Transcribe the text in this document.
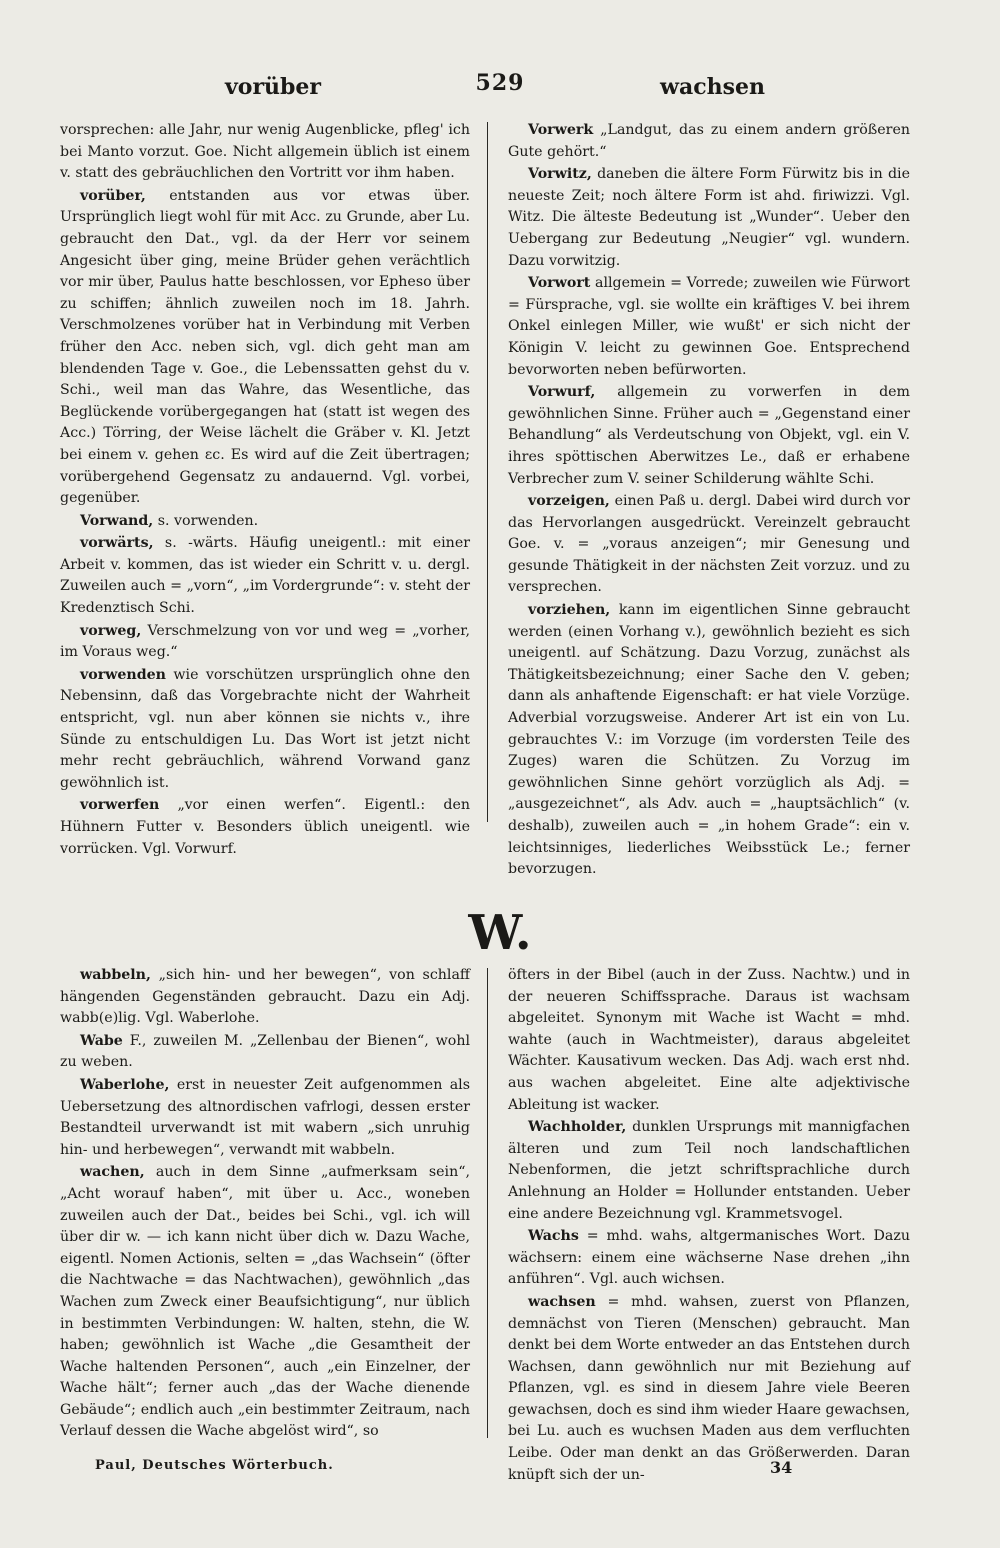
vorüber	529	wachsen

vorsprechen: alle Jahr, nur wenig Augenblicke, pfleg' ich bei Manto vorzut. Goe. Nicht allgemein üblich ist einem v. statt des gebräuchlichen den Vortritt vor ihm haben.

vorüber, entstanden aus vor etwas über. Ursprünglich liegt wohl für mit Acc. zu Grunde, aber Lu. gebraucht den Dat., vgl. da der Herr vor seinem Angesicht über ging, meine Brüder gehen verächtlich vor mir über, Paulus hatte beschlossen, vor Epheso über zu schiffen; ähnlich zuweilen noch im 18. Jahrh. Verschmolzenes vorüber hat in Verbindung mit Verben früher den Acc. neben sich, vgl. dich geht man am blendenden Tage v. Goe., die Lebenssatten gehst du v. Schi., weil man das Wahre, das Wesentliche, das Beglückende vorübergegangen hat (statt ist wegen des Acc.) Törring, der Weise lächelt die Gräber v. Kl. Jetzt bei einem v. gehen ɛc. Es wird auf die Zeit übertragen; vorübergehend Gegensatz zu andauernd. Vgl. vorbei, gegenüber.

Vorwand, s. vorwenden.

vorwärts, s. -wärts. Häufig uneigentl.: mit einer Arbeit v. kommen, das ist wieder ein Schritt v. u. dergl. Zuweilen auch = „vorn“, „im Vordergrunde“: v. steht der Kredenztisch Schi.

vorweg, Verschmelzung von vor und weg = „vorher, im Voraus weg.“

vorwenden wie vorschützen ursprünglich ohne den Nebensinn, daß das Vorgebrachte nicht der Wahrheit entspricht, vgl. nun aber können sie nichts v., ihre Sünde zu entschuldigen Lu. Das Wort ist jetzt nicht mehr recht gebräuchlich, während Vorwand ganz gewöhnlich ist.

vorwerfen „vor einen werfen“. Eigentl.: den Hühnern Futter v. Besonders üblich uneigentl. wie vorrücken. Vgl. Vorwurf.

Vorwerk „Landgut, das zu einem andern größeren Gute gehört.“

Vorwitz, daneben die ältere Form Fürwitz bis in die neueste Zeit; noch ältere Form ist ahd. firiwizzi. Vgl. Witz. Die älteste Bedeutung ist „Wunder“. Ueber den Uebergang zur Bedeutung „Neugier“ vgl. wundern. Dazu vorwitzig.

Vorwort allgemein = Vorrede; zuweilen wie Fürwort = Fürsprache, vgl. sie wollte ein kräftiges V. bei ihrem Onkel einlegen Miller, wie wußt' er sich nicht der Königin V. leicht zu gewinnen Goe. Entsprechend bevorworten neben befürworten.

Vorwurf, allgemein zu vorwerfen in dem gewöhnlichen Sinne. Früher auch = „Gegenstand einer Behandlung“ als Verdeutschung von Objekt, vgl. ein V. ihres spöttischen Aberwitzes Le., daß er erhabene Verbrecher zum V. seiner Schilderung wählte Schi.

vorzeigen, einen Paß u. dergl. Dabei wird durch vor das Hervorlangen ausgedrückt. Vereinzelt gebraucht Goe. v. = „voraus anzeigen“; mir Genesung und gesunde Thätigkeit in der nächsten Zeit vorzuz. und zu versprechen.

vorziehen, kann im eigentlichen Sinne gebraucht werden (einen Vorhang v.), gewöhnlich bezieht es sich uneigentl. auf Schätzung. Dazu Vorzug, zunächst als Thätigkeitsbezeichnung; einer Sache den V. geben; dann als anhaftende Eigenschaft: er hat viele Vorzüge. Adverbial vorzugsweise. Anderer Art ist ein von Lu. gebrauchtes V.: im Vorzuge (im vordersten Teile des Zuges) waren die Schützen. Zu Vorzug im gewöhnlichen Sinne gehört vorzüglich als Adj. = „ausgezeichnet“, als Adv. auch = „hauptsächlich“ (v. deshalb), zuweilen auch = „in hohem Grade“: ein v. leichtsinniges, liederliches Weibsstück Le.; ferner bevorzugen.

W.

wabbeln, „sich hin- und her bewegen“, von schlaff hängenden Gegenständen gebraucht. Dazu ein Adj. wabb(e)lig. Vgl. Waberlohe.

Wabe F., zuweilen M. „Zellenbau der Bienen“, wohl zu weben.

Waberlohe, erst in neuester Zeit aufgenommen als Uebersetzung des altnordischen vafrlogi, dessen erster Bestandteil urverwandt ist mit wabern „sich unruhig hin- und herbewegen“, verwandt mit wabbeln.

wachen, auch in dem Sinne „aufmerksam sein“, „Acht worauf haben“, mit über u. Acc., woneben zuweilen auch der Dat., beides bei Schi., vgl. ich will über dir w. — ich kann nicht über dich w. Dazu Wache, eigentl. Nomen Actionis, selten = „das Wachsein“ (öfter die Nachtwache = das Nachtwachen), gewöhnlich „das Wachen zum Zweck einer Beaufsichtigung“, nur üblich in bestimmten Verbindungen: W. halten, stehn, die W. haben; gewöhnlich ist Wache „die Gesamtheit der Wache haltenden Personen“, auch „ein Einzelner, der Wache hält“; ferner auch „das der Wache dienende Gebäude“; endlich auch „ein bestimmter Zeitraum, nach Verlauf dessen die Wache abgelöst wird“, so

öfters in der Bibel (auch in der Zuss. Nachtw.) und in der neueren Schiffssprache. Daraus ist wachsam abgeleitet. Synonym mit Wache ist Wacht = mhd. wahte (auch in Wachtmeister), daraus abgeleitet Wächter. Kausativum wecken. Das Adj. wach erst nhd. aus wachen abgeleitet. Eine alte adjektivische Ableitung ist wacker.

Wachholder, dunklen Ursprungs mit mannigfachen älteren und zum Teil noch landschaftlichen Nebenformen, die jetzt schriftsprachliche durch Anlehnung an Holder = Hollunder entstanden. Ueber eine andere Bezeichnung vgl. Krammetsvogel.

Wachs = mhd. wahs, altgermanisches Wort. Dazu wächsern: einem eine wächserne Nase drehen „ihn anführen“. Vgl. auch wichsen.

wachsen = mhd. wahsen, zuerst von Pflanzen, demnächst von Tieren (Menschen) gebraucht. Man denkt bei dem Worte entweder an das Entstehen durch Wachsen, dann gewöhnlich nur mit Beziehung auf Pflanzen, vgl. es sind in diesem Jahre viele Beeren gewachsen, doch es sind ihm wieder Haare gewachsen, bei Lu. auch es wuchsen Maden aus dem verfluchten Leibe. Oder man denkt an das Größerwerden. Daran knüpft sich der un-

Paul, Deutsches Wörterbuch.	34
